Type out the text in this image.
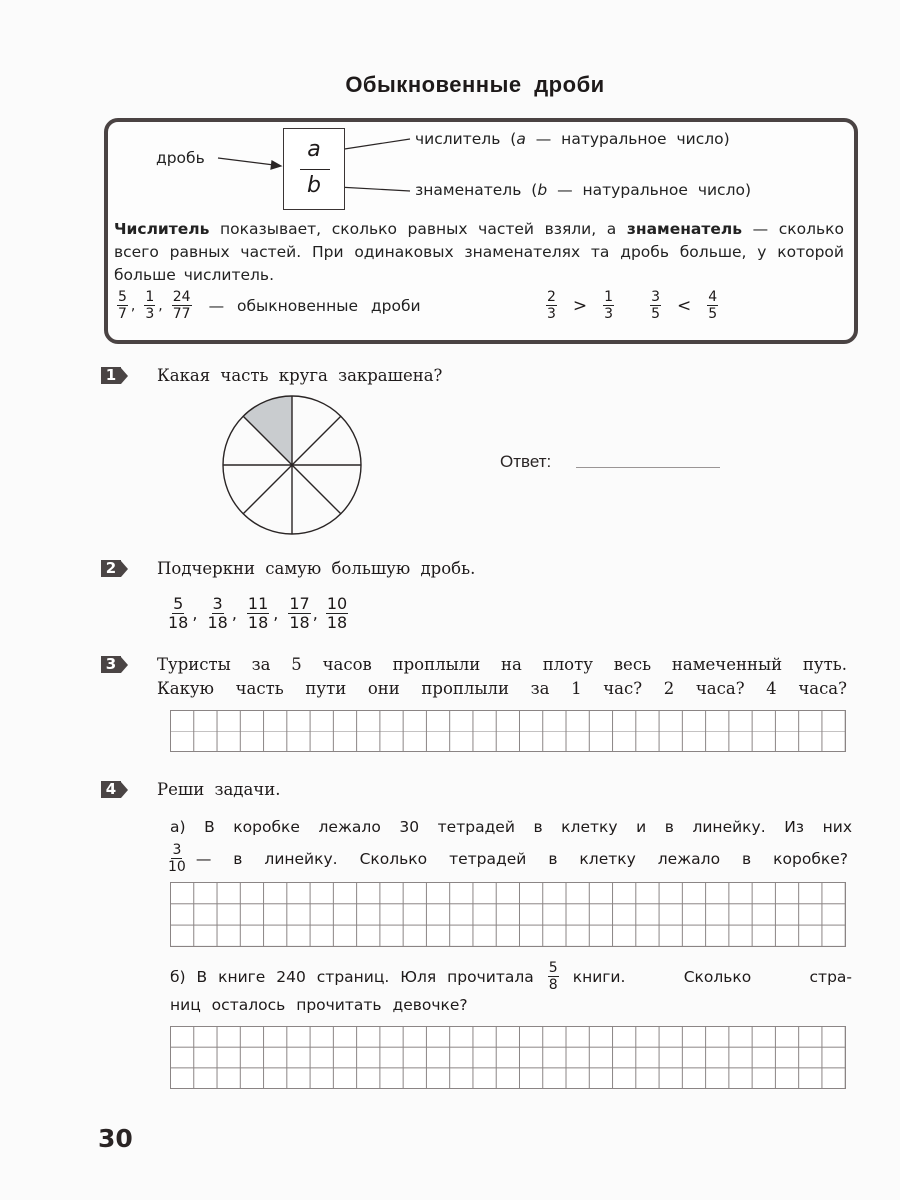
Обыкновенные дроби
дробь	a
b
числитель (a — натуральное число)
знаменатель (b — натуральное число)
Числитель показывает, сколько равных частей взяли, а знаменатель — сколько всего равных частей. При одинаковых знаменателях та дробь больше, у которой больше числитель.
$\frac{5}{7}$ , $\frac{1}{3}$ , $\frac{24}{77}$ — обыкновенные дроби	$\frac{2}{3} > \frac{1}{3}$	$\frac{3}{5} < \frac{4}{5}$
1 Какая часть круга закрашена?
Ответ:
2 Подчеркни самую большую дробь.
$\frac{5}{18}$ , $\frac{3}{18}$ , $\frac{11}{18}$ , $\frac{17}{18}$ , $\frac{10}{18}$
3 Туристы за 5 часов проплыли на плоту весь намеченный путь.
Какую часть пути они проплыли за 1 час? 2 часа? 4 часа?
4 Реши задачи.
а) В коробке лежало 30 тетрадей в клетку и в линейку. Из них
$\frac{3}{10}$ — в линейку. Сколько тетрадей в клетку лежало в коробке?
б) В книге 240 страниц. Юля прочитала $\frac{5}{8}$ книги. Сколько стра-
ниц осталось прочитать девочке?
30
